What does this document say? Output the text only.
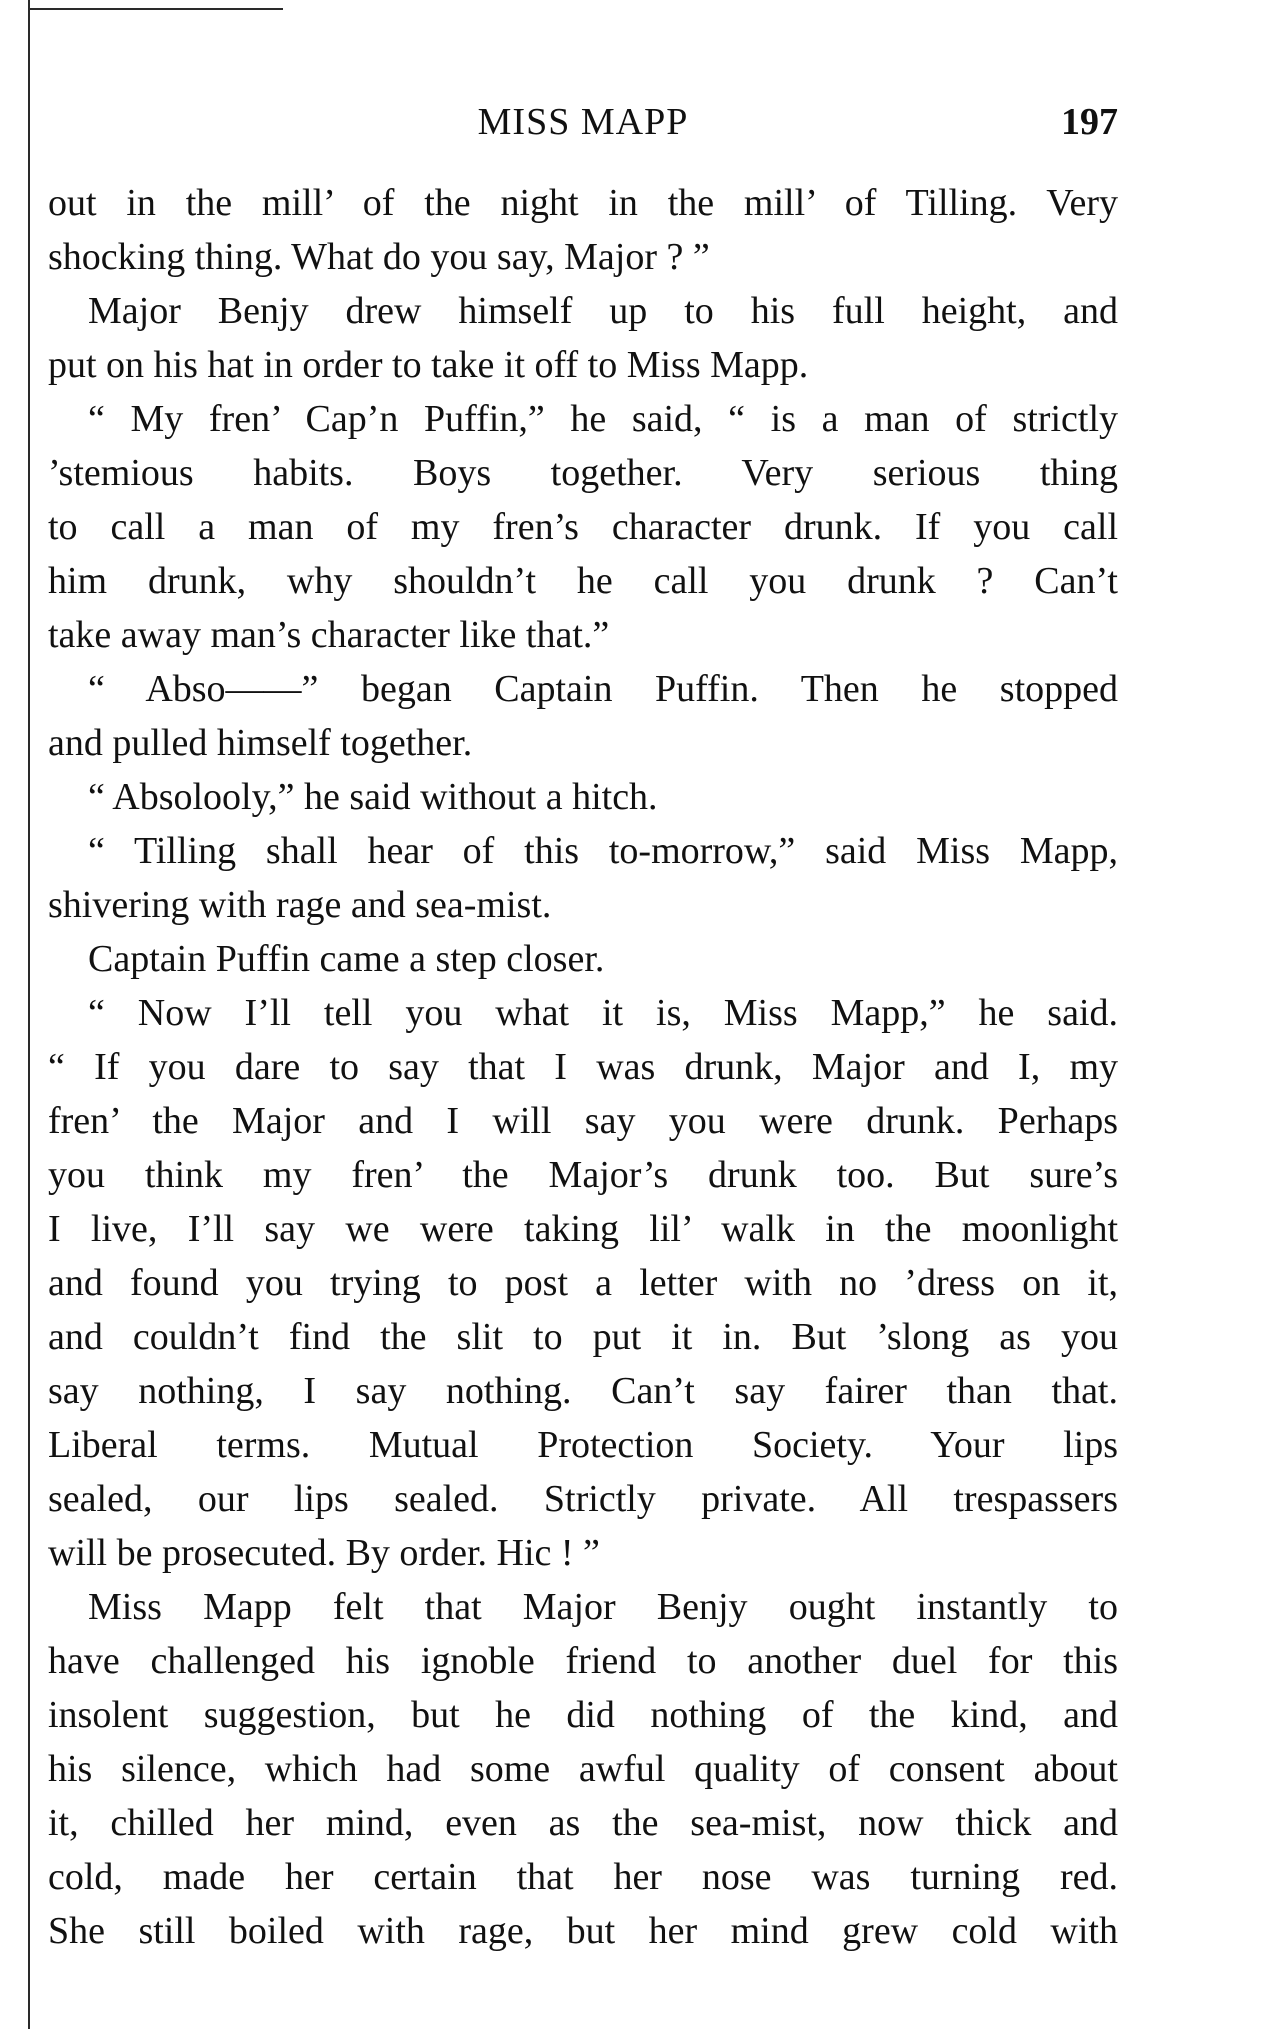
MISS MAPP	197
out in the mill’ of the night in the mill’ of Tilling. Very
shocking thing. What do you say, Major ? ”
Major Benjy drew himself up to his full height, and
put on his hat in order to take it off to Miss Mapp.
“ My fren’ Cap’n Puffin,” he said, “ is a man of strictly
’stemious habits. Boys together. Very serious thing
to call a man of my fren’s character drunk. If you call
him drunk, why shouldn’t he call you drunk ? Can’t
take away man’s character like that.”
“ Abso——” began Captain Puffin. Then he stopped
and pulled himself together.
“ Absolooly,” he said without a hitch.
“ Tilling shall hear of this to-morrow,” said Miss Mapp,
shivering with rage and sea-mist.
Captain Puffin came a step closer.
“ Now I’ll tell you what it is, Miss Mapp,” he said.
“ If you dare to say that I was drunk, Major and I, my
fren’ the Major and I will say you were drunk. Perhaps
you think my fren’ the Major’s drunk too. But sure’s
I live, I’ll say we were taking lil’ walk in the moonlight
and found you trying to post a letter with no ’dress on it,
and couldn’t find the slit to put it in. But ’slong as you
say nothing, I say nothing. Can’t say fairer than that.
Liberal terms. Mutual Protection Society. Your lips
sealed, our lips sealed. Strictly private. All trespassers
will be prosecuted. By order. Hic ! ”
Miss Mapp felt that Major Benjy ought instantly to
have challenged his ignoble friend to another duel for this
insolent suggestion, but he did nothing of the kind, and
his silence, which had some awful quality of consent about
it, chilled her mind, even as the sea-mist, now thick and
cold, made her certain that her nose was turning red.
She still boiled with rage, but her mind grew cold with
